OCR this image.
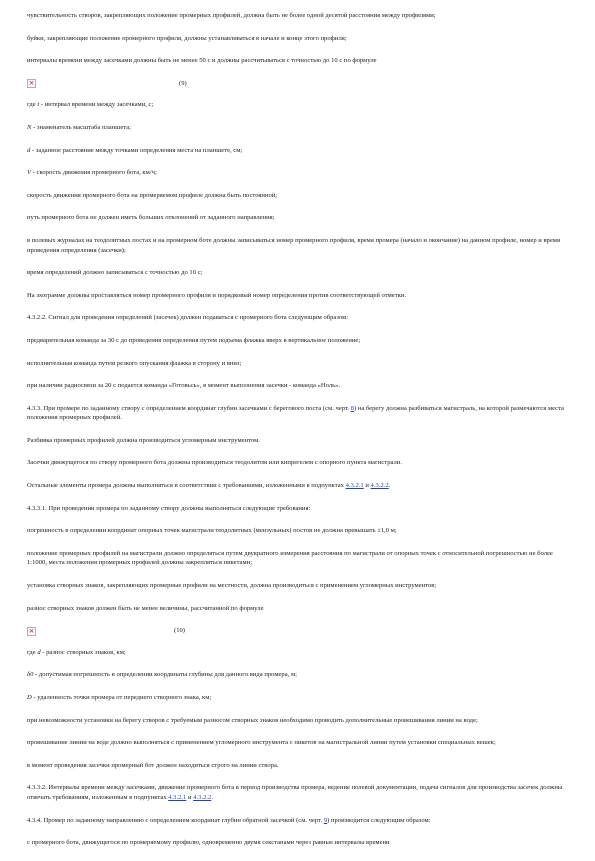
чувствительность створов, закрепляющих положение промерных профилей, должна быть не более одной десятой расстояния между профилями;

буйки, закрепляющие положение промерного профиля, должны устанавливаться в начале и конце этого профиля;

интервалы времени между засечками должны быть не менее 50 с и должны рассчитываться с точностью до 10 с по формуле

×	(9)

где t - интервал времени между засечками, с;

N - знаменатель масштаба планшета;

d - заданное расстояние между точками определения места на планшете, см;

V - скорость движения промерного бота, км/ч;

скорость движения промерного бота на промеряемом профиле должна быть постоянной;

путь промерного бота не должен иметь больших отклонений от заданного направления;

в полевых журналах на теодолитных постах и на промерном боте должны записываться номер промерного профиля, время промера (начало и окончание) на данном профиле, номер и время проведения определения (засечки);

время определений должно записываться с точностью до 10 с;

На эхограмме должны проставляться номер промерного профиля и порядковый номер определения против соответствующей отметки.

4.3.2.2. Сигнал для проведения определений (засечек) должен подаваться с промерного бота следующим образом:

предварительная команда за 30 с до проведения определения путем подъема флажка вверх в вертикальное положение;

исполнительная команда путем резкого опускания флажка в сторону и вниз;

при наличии радиосвязи за 20 с подается команда «Готовьсь», в момент выполнения засечки - команда «Ноль».

4.3.3. При промере по заданному створу с определением координат глубин засечками с берегового поста (см. черт. 8) на берегу должна разбиваться магистраль, на которой размечаются места положения промерных профилей.

Разбивка промерных профилей должна производиться угломерным инструментом.

Засечки движущегося по створу промерного бота должны производиться теодолитом или кипрегелем с опорного пункта магистрали.

Остальные элементы промера должны выполняться в соответствии с требованиями, изложенными в подпунктах 4.3.2.1 и 4.3.2.2.

4.3.3.1. При проведении промера по заданному створу должны выполняться следующие требования:

погрешность в определении координат опорных точек магистрали теодолитных (мензульных) постов не должна превышать ±1,0 м;

положение промерных профилей на магистрали должно определяться путем двукратного измерения расстояния по магистрали от опорных точек с относительной погрешностью не более 1:1000, места положения промерных профилей должны закрепляться пикетами;

установка створных знаков, закрепляющих промерные профили на местности, должна производиться с применением угломерных инструментов;

разнос створных знаков должен быть не менее величины, рассчитанной по формуле

×	(10)

где d - разнос створных знаков, км;

δ0 - допустимая погрешность в определении координаты глубины для данного вида промера, м;

D - удаленность точки промера от переднего створного знака, км;

при невозможности установки на берегу створов с требуемым разносом створных знаков необходимо проводить дополнительные провешивания линии на воде;

провешивание линии на воде должно выполняться с применением угломерного инструмента с пикетов на магистральной линии путем установки специальных вешек;

в момент проведения засечки промерный бот должен находиться строго на линии створа.

4.3.3.2. Интервалы времени между засечками, движение промерного бота в период производства промера, ведение полевой документации, подача сигналов для производства засечек должны отвечать требованиям, изложенным в подпунктах 4.3.2.1 и 4.3.2.2.

4.3.4. Промер по заданному направлению с определением координат глубин обратной засечкой (см. черт. 9) производится следующим образом:

с промерного бота, движущегося по промеряемому профилю, одновременно двумя секстанами через равные интервалы времени
